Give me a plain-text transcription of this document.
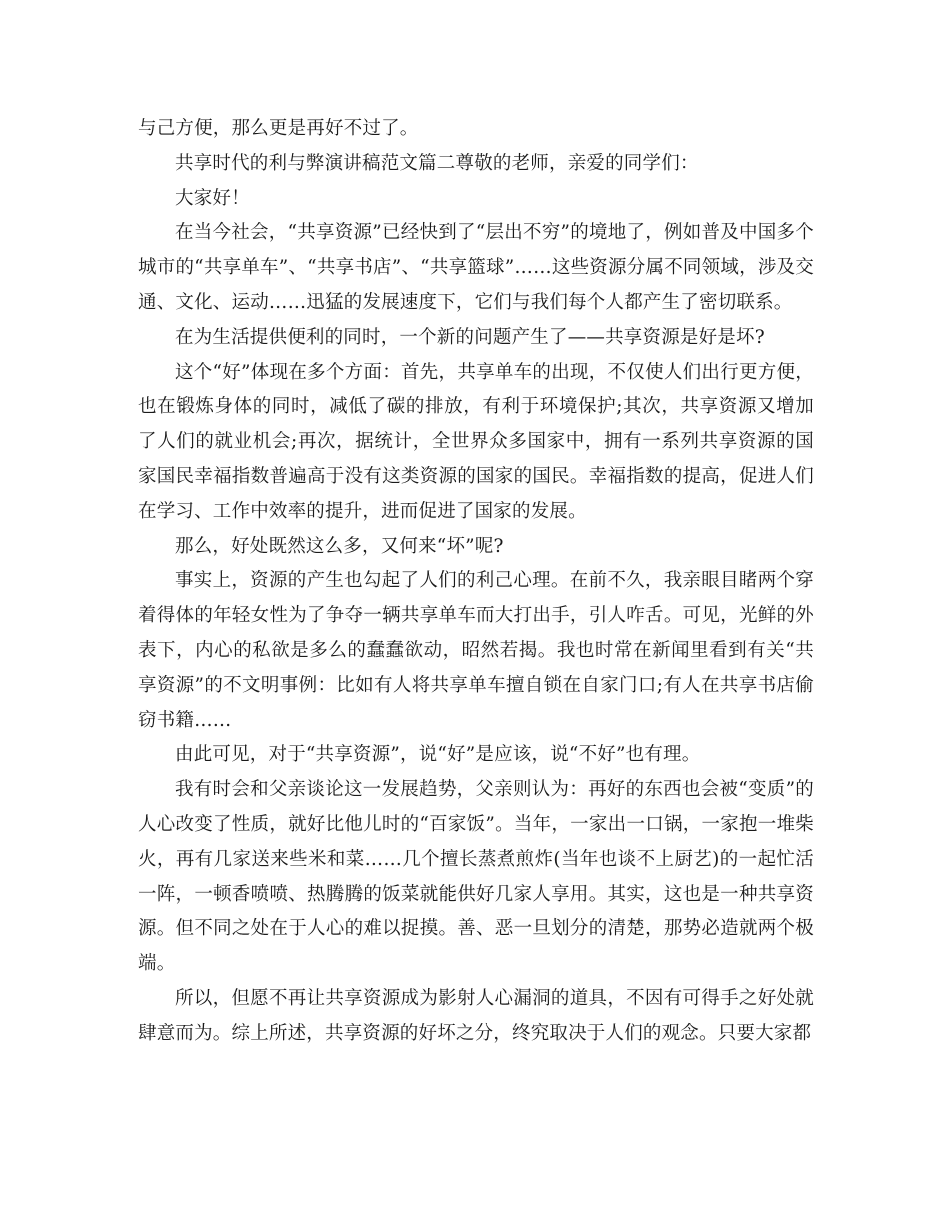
与己方便，那么更是再好不过了。

共享时代的利与弊演讲稿范文篇二尊敬的老师，亲爱的同学们：

大家好！

在当今社会，“共享资源”已经快到了“层出不穷”的境地了，例如普及中国多个城市的“共享单车”、“共享书店”、“共享篮球”……这些资源分属不同领域，涉及交通、文化、运动……迅猛的发展速度下，它们与我们每个人都产生了密切联系。

在为生活提供便利的同时，一个新的问题产生了——共享资源是好是坏?

这个“好”体现在多个方面：首先，共享单车的出现，不仅使人们出行更方便，也在锻炼身体的同时，减低了碳的排放，有利于环境保护;其次，共享资源又增加了人们的就业机会;再次，据统计，全世界众多国家中，拥有一系列共享资源的国家国民幸福指数普遍高于没有这类资源的国家的国民。幸福指数的提高，促进人们在学习、工作中效率的提升，进而促进了国家的发展。

那么，好处既然这么多，又何来“坏”呢?

事实上，资源的产生也勾起了人们的利己心理。在前不久，我亲眼目睹两个穿着得体的年轻女性为了争夺一辆共享单车而大打出手，引人咋舌。可见，光鲜的外表下，内心的私欲是多么的蠢蠢欲动，昭然若揭。我也时常在新闻里看到有关“共享资源”的不文明事例：比如有人将共享单车擅自锁在自家门口;有人在共享书店偷窃书籍……

由此可见，对于“共享资源”，说“好”是应该，说“不好”也有理。

我有时会和父亲谈论这一发展趋势，父亲则认为：再好的东西也会被“变质”的人心改变了性质，就好比他儿时的“百家饭”。当年，一家出一口锅，一家抱一堆柴火，再有几家送来些米和菜……几个擅长蒸煮煎炸(当年也谈不上厨艺)的一起忙活一阵，一顿香喷喷、热腾腾的饭菜就能供好几家人享用。其实，这也是一种共享资源。但不同之处在于人心的难以捉摸。善、恶一旦划分的清楚，那势必造就两个极端。

所以，但愿不再让共享资源成为影射人心漏洞的道具，不因有可得手之好处就肆意而为。综上所述，共享资源的好坏之分，终究取决于人们的观念。只要大家都
